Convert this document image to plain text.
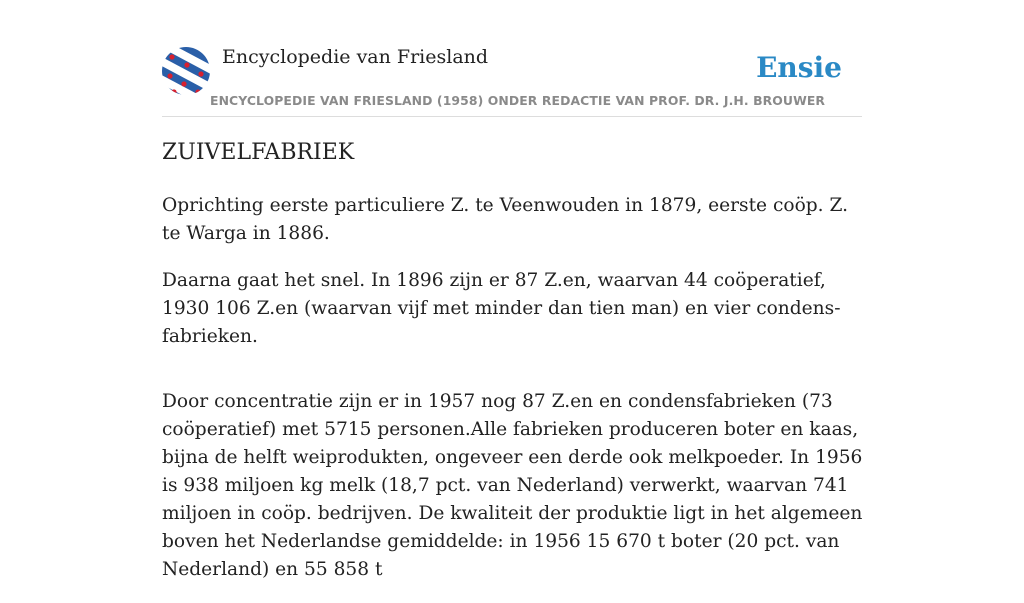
Encyclopedie van Friesland
ENCYCLOPEDIE VAN FRIESLAND (1958) ONDER REDACTIE VAN PROF. DR. J.H. BROUWER
Ensie
ZUIVELFABRIEK

Oprichting eerste particuliere Z. te Veenwouden in 1879, eerste coöp. Z. te Warga in 1886.

Daarna gaat het snel. In 1896 zijn er 87 Z.en, waarvan 44 coöperatief, 1930 106 Z.en (waarvan vijf met minder dan tien man) en vier condens-fabrieken.

Door concentratie zijn er in 1957 nog 87 Z.en en condensfabrieken (73 coöperatief) met 5715 personen.Alle fabrieken produceren boter en kaas, bijna de helft weiprodukten, ongeveer een derde ook melkpoeder. In 1956 is 938 miljoen kg melk (18,7 pct. van Nederland) verwerkt, waarvan 741 miljoen in coöp. bedrijven. De kwaliteit der produktie ligt in het algemeen boven het Nederlandse gemiddelde: in 1956 15 670 t boter (20 pct. van Nederland) en 55 858 t
